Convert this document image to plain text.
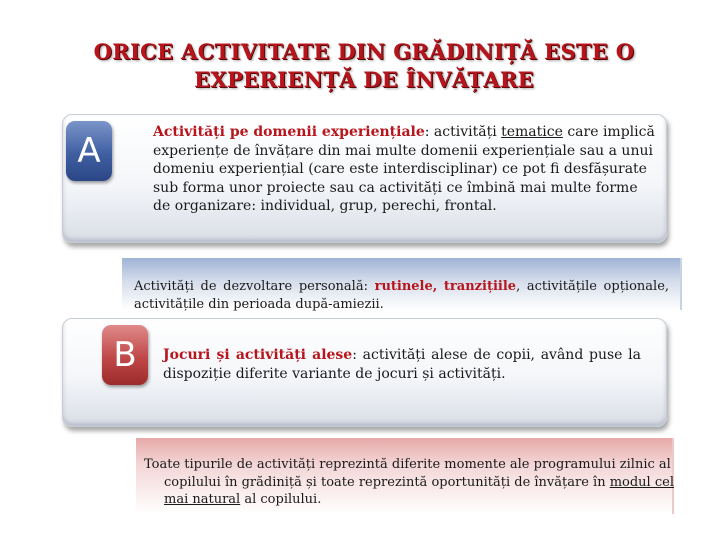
ORICE ACTIVITATE DIN GRĂDINIȚĂ ESTE O
EXPERIENȚĂ DE ÎNVĂȚARE
A	Activități pe domenii experiențiale: activități tematice care implică experiențe de învățare din mai multe domenii experiențiale sau a unui domeniu experiențial (care este interdisciplinar) ce pot fi desfășurate sub forma unor proiecte sau ca activități ce îmbină mai multe forme de organizare: individual, grup, perechi, frontal.
Activități de dezvoltare personală: rutinele, tranzițiile, activitățile opționale, activitățile din perioada după-amiezii.
B	Jocuri și activități alese: activități alese de copii, având puse la dispoziție diferite variante de jocuri și activități.
Toate tipurile de activități reprezintă diferite momente ale programului zilnic al copilului în grădiniță și toate reprezintă oportunități de învățare în modul cel mai natural al copilului.
